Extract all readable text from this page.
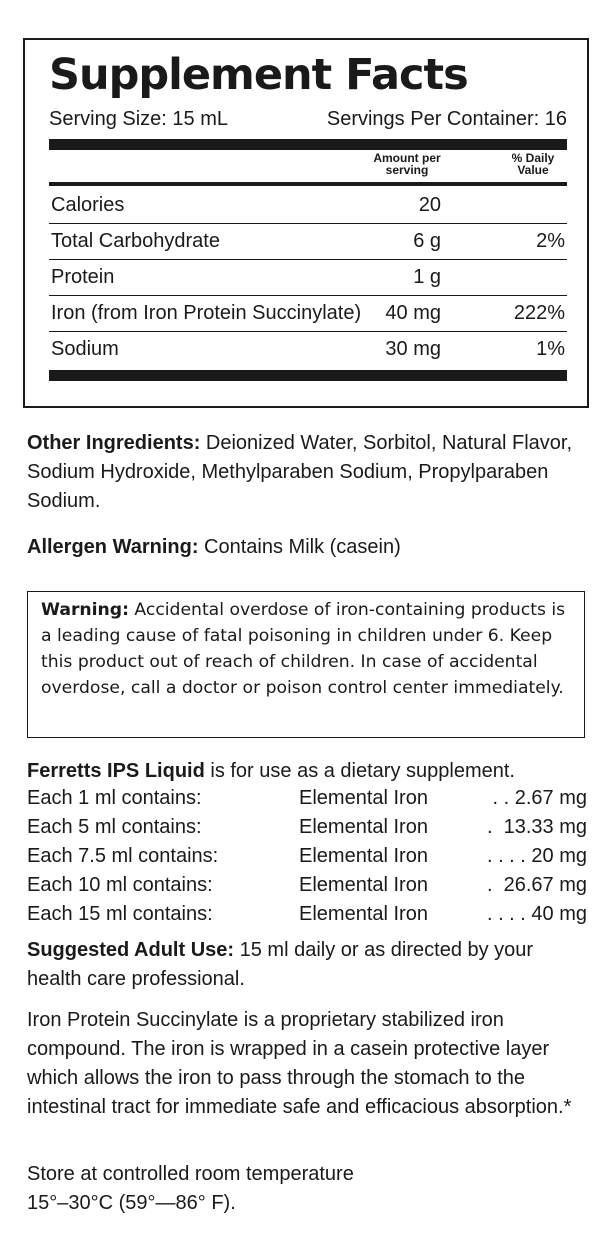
Supplement Facts
Serving Size: 15 mL	Servings Per Container: 16
Amount per
serving
% Daily
Value
Calories	20
Total Carbohydrate	6 g	2%
Protein	1 g
Iron (from Iron Protein Succinylate) 40 mg	222%
Sodium	30 mg	1%
Other Ingredients: Deionized Water, Sorbitol, Natural Flavor, Sodium Hydroxide, Methylparaben Sodium, Propylparaben Sodium.
Allergen Warning: Contains Milk (casein)
Warning: Accidental overdose of iron-containing products is a leading cause of fatal poisoning in children under 6. Keep this product out of reach of children. In case of accidental overdose, call a doctor or poison control center immediately.
Ferretts IPS Liquid is for use as a dietary supplement.
Each 1 ml contains:	Elemental Iron	. . 2.67 mg
Each 5 ml contains:	Elemental Iron	.  13.33 mg
Each 7.5 ml contains:	Elemental Iron	. . . . 20 mg
Each 10 ml contains:	Elemental Iron	.  26.67 mg
Each 15 ml contains:	Elemental Iron	. . . . 40 mg
Suggested Adult Use: 15 ml daily or as directed by your health care professional.
Iron Protein Succinylate is a proprietary stabilized iron compound. The iron is wrapped in a casein protective layer which allows the iron to pass through the stomach to the intestinal tract for immediate safe and efficacious absorption.*
Store at controlled room temperature
15°–30°C (59°—86° F).
